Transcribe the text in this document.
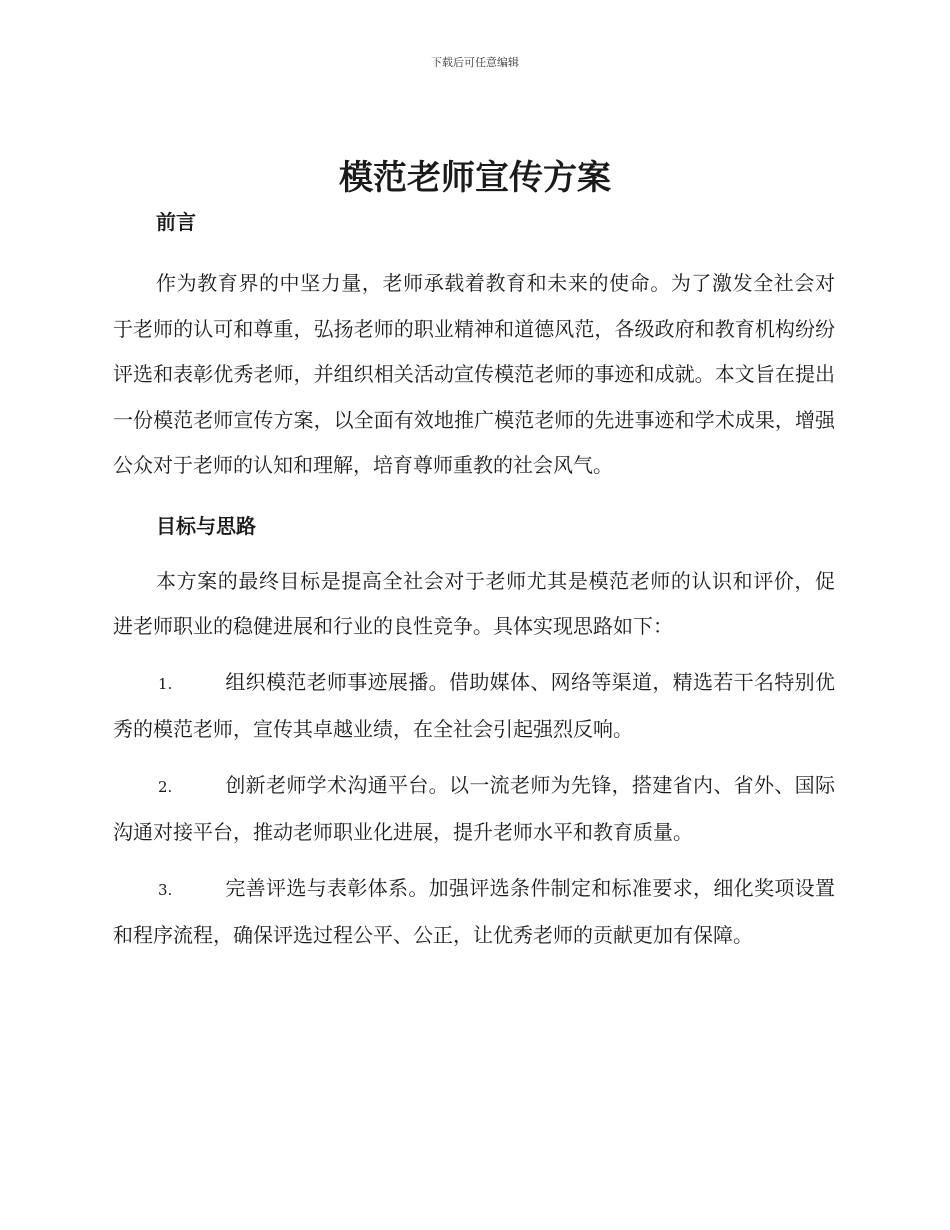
下载后可任意编辑
模范老师宣传方案

前言

作为教育界的中坚力量，老师承载着教育和未来的使命。为了激发全社会对于老师的认可和尊重，弘扬老师的职业精神和道德风范，各级政府和教育机构纷纷评选和表彰优秀老师，并组织相关活动宣传模范老师的事迹和成就。本文旨在提出一份模范老师宣传方案，以全面有效地推广模范老师的先进事迹和学术成果，增强公众对于老师的认知和理解，培育尊师重教的社会风气。

目标与思路

本方案的最终目标是提高全社会对于老师尤其是模范老师的认识和评价，促进老师职业的稳健进展和行业的良性竞争。具体实现思路如下：

1.	组织模范老师事迹展播。借助媒体、网络等渠道，精选若干名特别优秀的模范老师，宣传其卓越业绩，在全社会引起强烈反响。

2.	创新老师学术沟通平台。以一流老师为先锋，搭建省内、省外、国际沟通对接平台，推动老师职业化进展，提升老师水平和教育质量。

3.	完善评选与表彰体系。加强评选条件制定和标准要求，细化奖项设置和程序流程，确保评选过程公平、公正，让优秀老师的贡献更加有保障。
